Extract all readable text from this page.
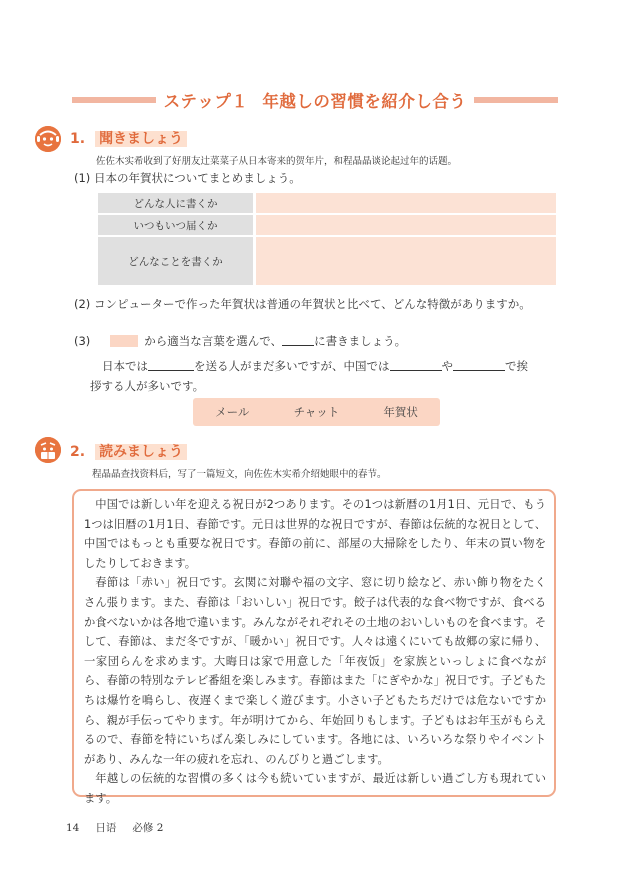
ステップ１ 年越しの習慣を紹介し合う
1. 聞きましょう
佐佐木实希收到了好朋友辻菜菜子从日本寄来的贺年片，和程晶晶谈论起过年的话题。
(1) 日本の年賀状についてまとめましょう。
どんな人に書くか
いつもいつ届くか
どんなことを書くか
(2) コンピューターで作った年賀状は普通の年賀状と比べて、どんな特徴がありますか。
(3)	から適当な言葉を選んで、	に書きましょう。
日本では	を送る人がまだ多いですが、中国では	や	で挨
拶する人が多いです。
メール	チャット	年賀状
2. 読みましょう
程晶晶查找资料后，写了一篇短文，向佐佐木实希介绍她眼中的春节。

中国では新しい年を迎える祝日が2つあります。その1つは新暦の1月1日、元日で、もう1つは旧暦の1月1日、春節です。元日は世界的な祝日ですが、春節は伝統的な祝日として、中国ではもっとも重要な祝日です。春節の前に、部屋の大掃除をしたり、年末の買い物をしたりしておきます。

春節は「赤い」祝日です。玄関に対聯や福の文字、窓に切り絵など、赤い飾り物をたくさん張ります。また、春節は「おいしい」祝日です。餃子は代表的な食べ物ですが、食べるか食べないかは各地で違います。みんながそれぞれその土地のおいしいものを食べます。そして、春節は、まだ冬ですが、「暖かい」祝日です。人々は遠くにいても故郷の家に帰り、一家団らんを求めます。大晦日は家で用意した「年夜饭」を家族といっしょに食べながら、春節の特別なテレビ番組を楽しみます。春節はまた「にぎやかな」祝日です。子どもたちは爆竹を鳴らし、夜遅くまで楽しく遊びます。小さい子どもたちだけでは危ないですから、親が手伝ってやります。年が明けてから、年始回りもします。子どもはお年玉がもらえるので、春節を特にいちばん楽しみにしています。各地には、いろいろな祭りやイベントがあり、みんな一年の疲れを忘れ、のんびりと過ごします。

年越しの伝統的な習慣の多くは今も続いていますが、最近は新しい過ごし方も現れています。

14 日语 必修 2
